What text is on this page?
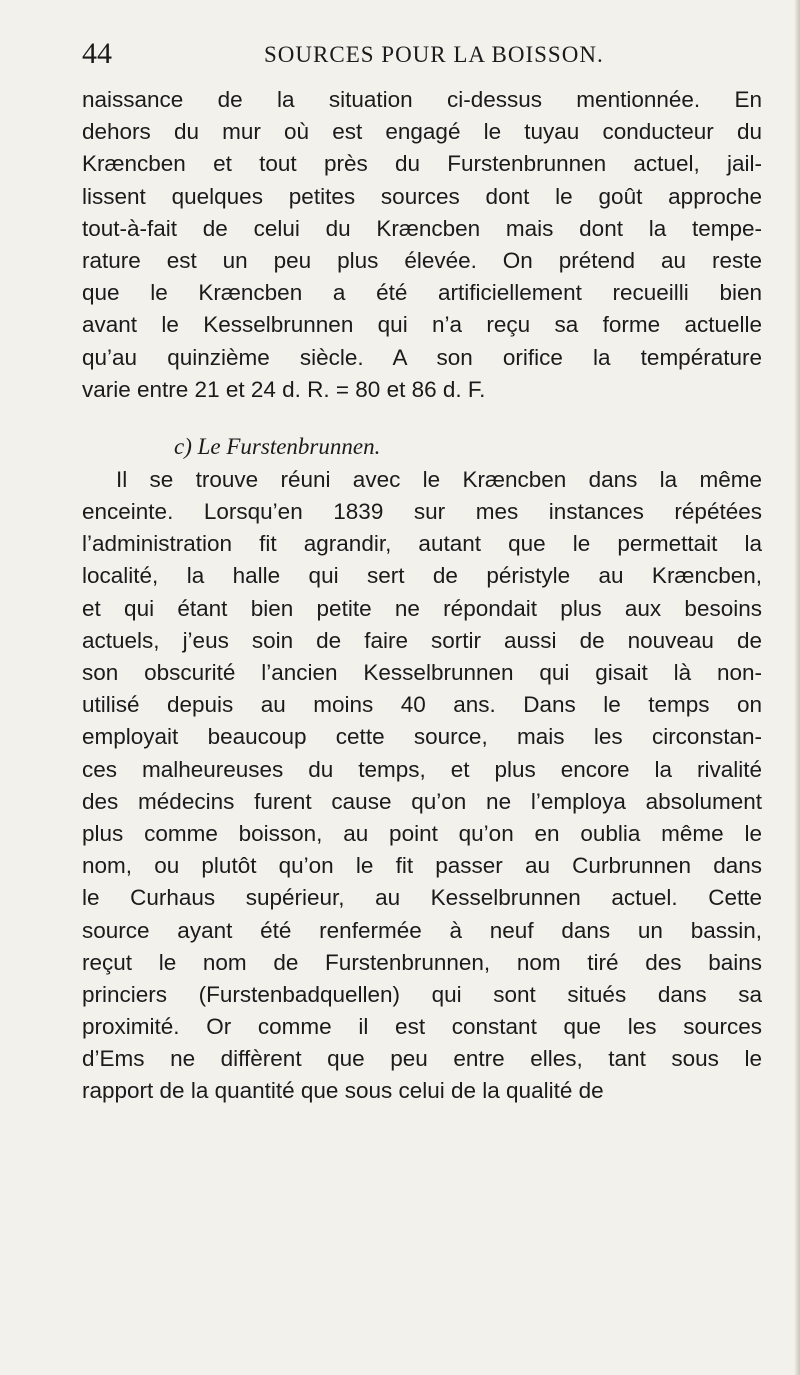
44	SOURCES POUR LA BOISSON.
naissance de la situation ci-dessus mentionnée. En
dehors du mur où est engagé le tuyau conducteur du
Kræncben et tout près du Furstenbrunnen actuel, jail-
lissent quelques petites sources dont le goût approche
tout-à-fait de celui du Kræncben mais dont la tempe-
rature est un peu plus élevée. On prétend au reste
que le Kræncben a été artificiellement recueilli bien
avant le Kesselbrunnen qui n’a reçu sa forme actuelle
qu’au quinzième siècle. A son orifice la température
varie entre 21 et 24 d. R. = 80 et 86 d. F.
c) Le Furstenbrunnen.
Il se trouve réuni avec le Kræncben dans la même
enceinte. Lorsqu’en 1839 sur mes instances répétées
l’administration fit agrandir, autant que le permettait la
localité, la halle qui sert de péristyle au Kræncben,
et qui étant bien petite ne répondait plus aux besoins
actuels, j’eus soin de faire sortir aussi de nouveau de
son obscurité l’ancien Kesselbrunnen qui gisait là non-
utilisé depuis au moins 40 ans. Dans le temps on
employait beaucoup cette source, mais les circonstan-
ces malheureuses du temps, et plus encore la rivalité
des médecins furent cause qu’on ne l’employa absolument
plus comme boisson, au point qu’on en oublia même le
nom, ou plutôt qu’on le fit passer au Curbrunnen dans
le Curhaus supérieur, au Kesselbrunnen actuel. Cette
source ayant été renfermée à neuf dans un bassin,
reçut le nom de Furstenbrunnen, nom tiré des bains
princiers (Furstenbadquellen) qui sont situés dans sa
proximité. Or comme il est constant que les sources
d’Ems ne diffèrent que peu entre elles, tant sous le
rapport de la quantité que sous celui de la qualité de
